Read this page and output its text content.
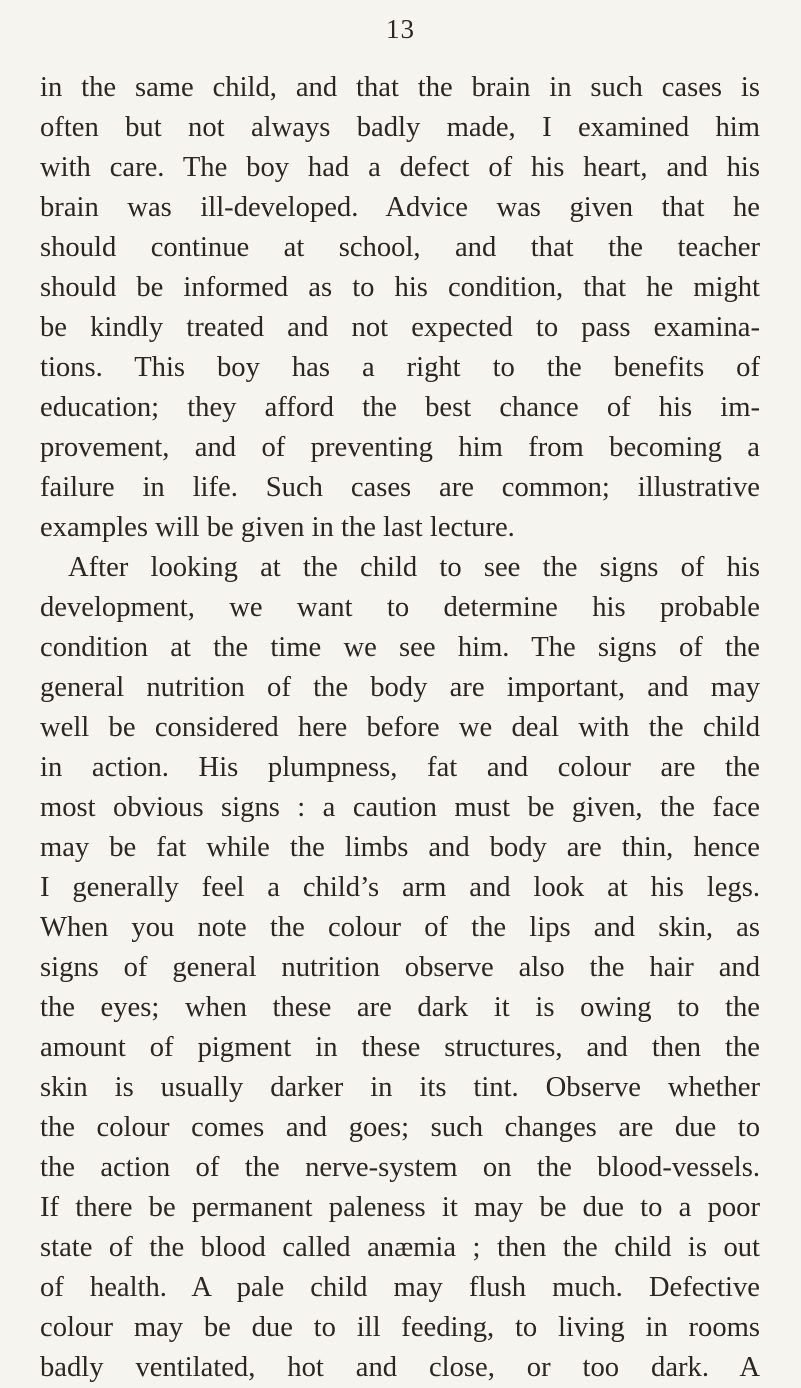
13
in the same child, and that the brain in such cases is
often but not always badly made, I examined him
with care. The boy had a defect of his heart, and his
brain was ill-developed. Advice was given that he
should continue at school, and that the teacher
should be informed as to his condition, that he might
be kindly treated and not expected to pass examina-
tions. This boy has a right to the benefits of
education; they afford the best chance of his im-
provement, and of preventing him from becoming a
failure in life. Such cases are common; illustrative
examples will be given in the last lecture.
After looking at the child to see the signs of his
development, we want to determine his probable
condition at the time we see him. The signs of the
general nutrition of the body are important, and may
well be considered here before we deal with the child
in action. His plumpness, fat and colour are the
most obvious signs : a caution must be given, the face
may be fat while the limbs and body are thin, hence
I generally feel a child’s arm and look at his legs.
When you note the colour of the lips and skin, as
signs of general nutrition observe also the hair and
the eyes; when these are dark it is owing to the
amount of pigment in these structures, and then the
skin is usually darker in its tint. Observe whether
the colour comes and goes; such changes are due to
the action of the nerve-system on the blood-vessels.
If there be permanent paleness it may be due to a poor
state of the blood called anæmia ; then the child is out
of health. A pale child may flush much. Defective
colour may be due to ill feeding, to living in rooms
badly ventilated, hot and close, or too dark. A
